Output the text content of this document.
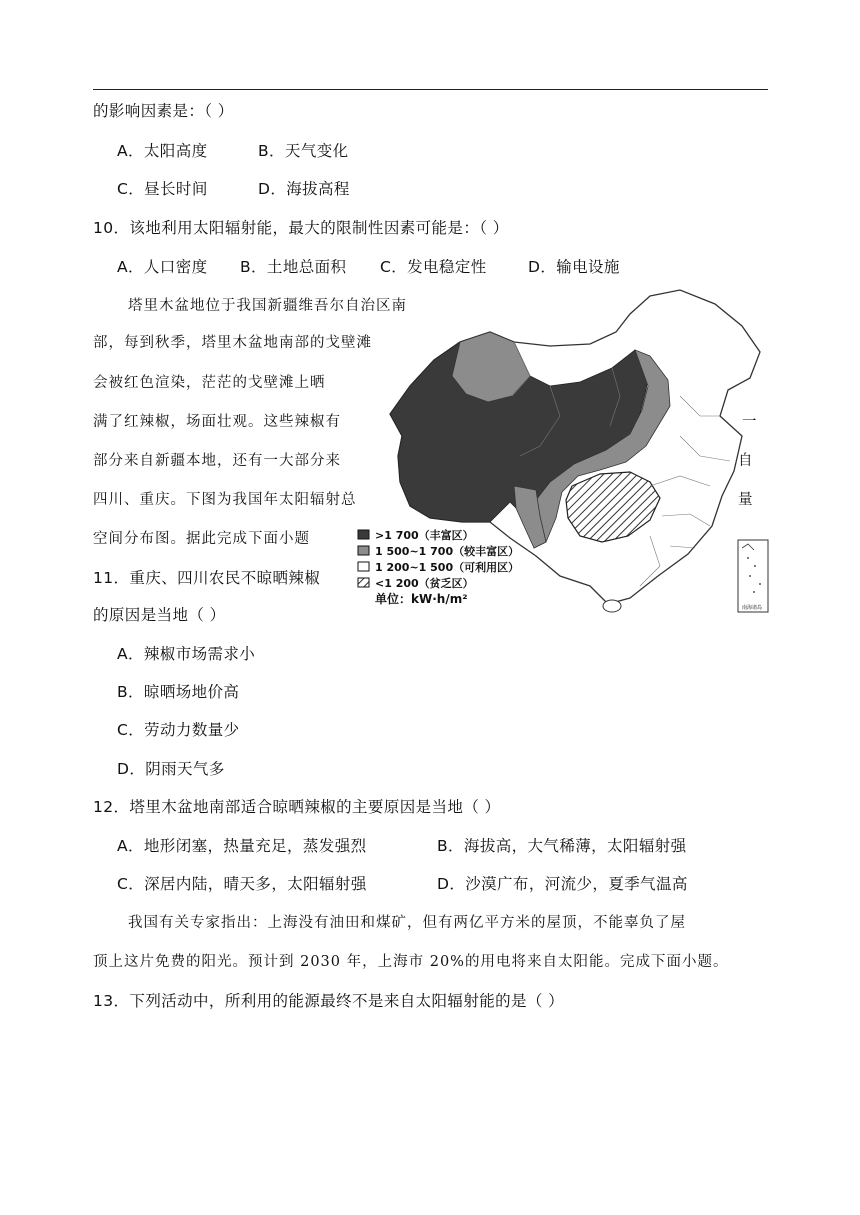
的影响因素是：（ ）
A．太阳高度	B．天气变化
C．昼长时间	D．海拔高程
10．该地利用太阳辐射能，最大的限制性因素可能是：（ ）
A．人口密度 B．土地总面积 C．发电稳定性	D．输电设施
塔里木盆地位于我国新疆维吾尔自治区南
部，每到秋季，塔里木盆地南部的戈壁滩
会被红色渲染，茫茫的戈壁滩上晒
满了红辣椒，场面壮观。这些辣椒有	一
部分来自新疆本地，还有一大部分来	自
四川、重庆。下图为我国年太阳辐射总	量
空间分布图。据此完成下面小题
南海诸岛
>1 700（丰富区）
1 500~1 700（较丰富区）
1 200~1 500（可利用区）
<1 200（贫乏区）
单位：kW·h/m²
11．重庆、四川农民不晾晒辣椒
的原因是当地（ ）
A．辣椒市场需求小
B．晾晒场地价高
C．劳动力数量少
D．阴雨天气多
12．塔里木盆地南部适合晾晒辣椒的主要原因是当地（ ）
A．地形闭塞，热量充足，蒸发强烈	B．海拔高，大气稀薄，太阳辐射强
C．深居内陆，晴天多，太阳辐射强	D．沙漠广布，河流少，夏季气温高
我国有关专家指出：上海没有油田和煤矿，但有两亿平方米的屋顶，不能辜负了屋
顶上这片免费的阳光。预计到 2030 年，上海市 20%的用电将来自太阳能。完成下面小题。
13．下列活动中，所利用的能源最终不是来自太阳辐射能的是（ ）
